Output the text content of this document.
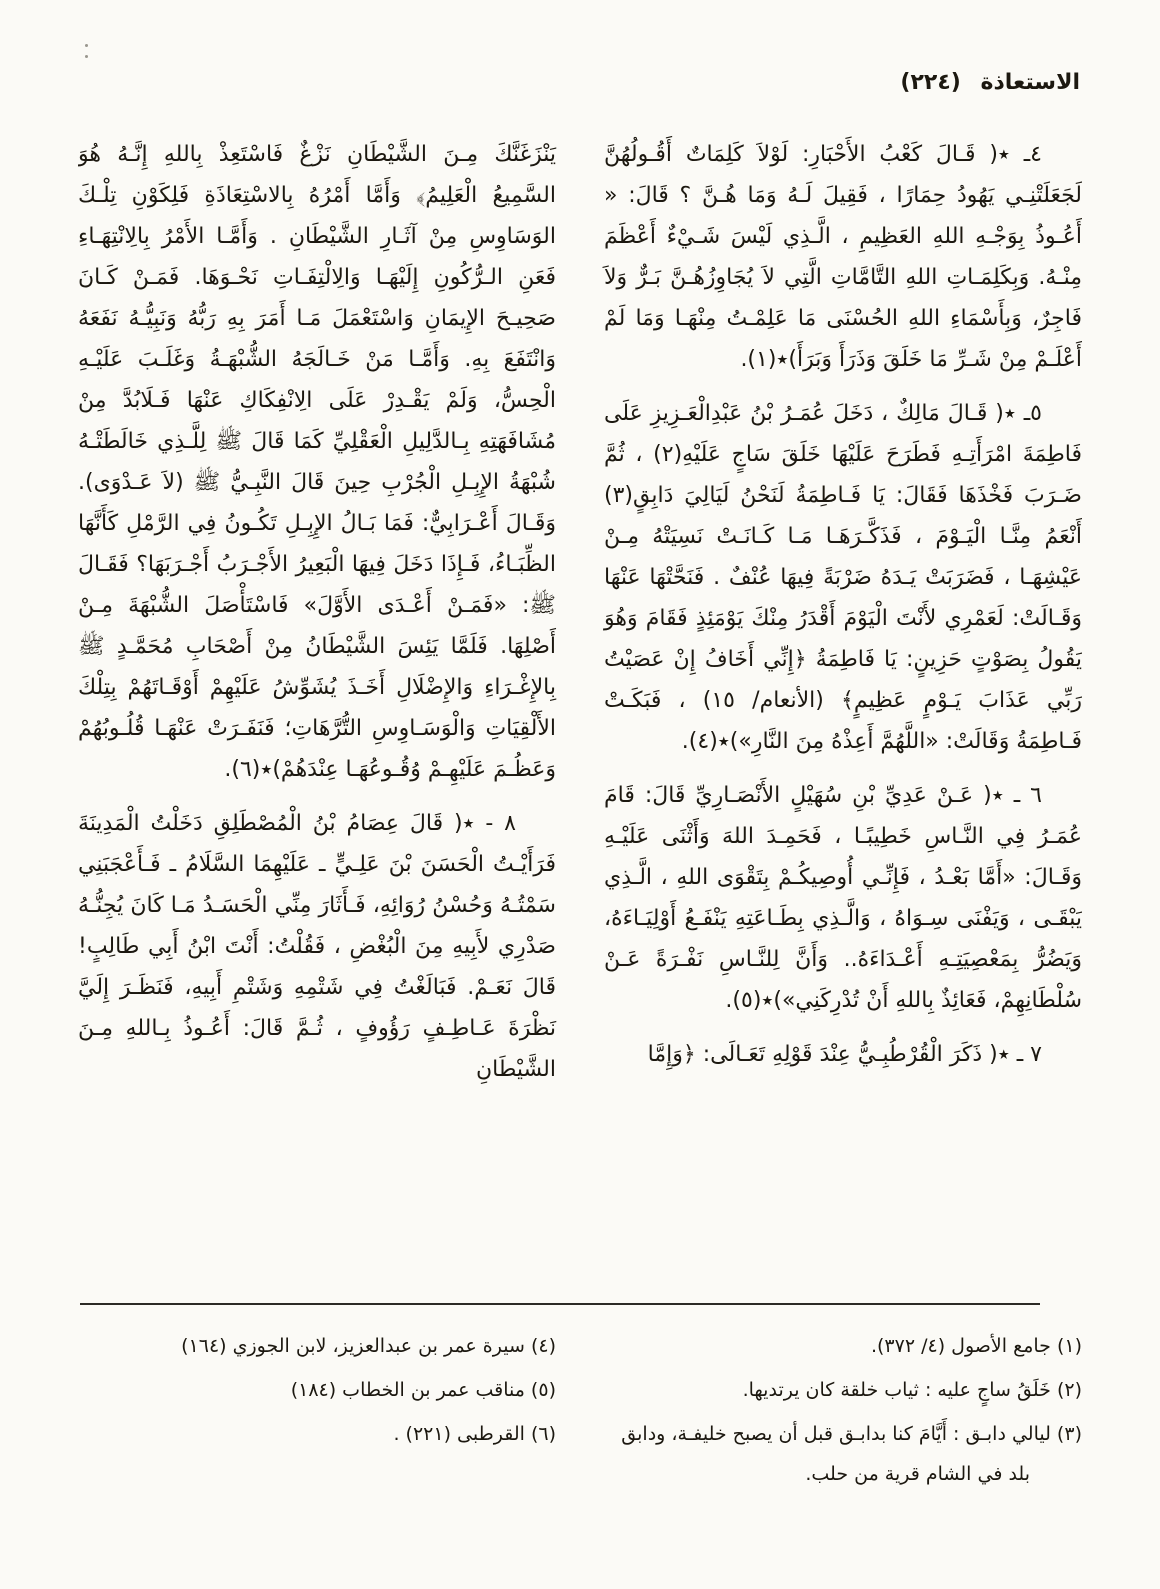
الاستعاذة (٢٢٤)

٤ـ ٭( قَـالَ كَعْبُ الأَحْبَارِ: لَوْلاَ كَلِمَاتٌ أَقُـولُهُنَّ لَجَعَلَتْنِـي يَهُودُ حِمَارًا ، فَقِيلَ لَـهُ وَمَا هُـنَّ ؟ قَالَ: « أَعُـوذُ بِوَجْـهِ اللهِ العَظِيمِ ، الَّـذِي لَيْسَ شَـيْءٌ أَعْظَمَ مِنْـهُ. وَبِكَلِمَـاتِ اللهِ التَّامَّاتِ الَّتِي لاَ يُجَاوِزُهُـنَّ بَـرٌّ وَلاَ فَاجِرٌ، وَبِأَسْمَاءِ اللهِ الحُسْنَى مَا عَلِمْـتُ مِنْهَـا وَمَا لَمْ أَعْلَـمْ مِنْ شَـرِّ مَا خَلَقَ وَذَرَأَ وَبَرَأَ)٭(١).

٥ـ ٭( قَـالَ مَالِكٌ ، دَخَلَ عُمَـرُ بْنُ عَبْدِالْعَـزِيزِ عَلَى فَاطِمَةَ امْرَأَتِـهِ فَطَرَحَ عَلَيْهَا خَلَقَ سَاجٍ عَلَيْهِ(٢) ، ثُمَّ ضَـرَبَ فَخْذَهَا فَقَالَ: يَا فَـاطِمَةُ لَنَحْنُ لَيَالِيَ دَابِقٍ(٣) أَنْعَمُ مِنَّـا الْيَـوْمَ ، فَذَكَّـرَهَـا مَـا كَـانَـتْ نَسِيَتْهُ مِـنْ عَيْشِهَـا ، فَضَرَبَتْ يَـدَهُ ضَرْبَةً فِيهَا عُنْفٌ . فَنَحَّتْهَا عَنْهَا وَقَـالَتْ: لَعَمْرِي لأَنْتَ الْيَوْمَ أَقْدَرُ مِنْكَ يَوْمَئِذٍ فَقَامَ وَهُوَ يَقُولُ بِصَوْتٍ حَزِينٍ: يَا فَاطِمَةُ ﴿إِنِّي أَخَافُ إِنْ عَصَيْتُ رَبِّي عَذَابَ يَـوْمٍ عَظِيمٍ﴾ (الأنعام/ ١٥) ، فَبَكَـتْ فَـاطِمَةُ وَقَالَتْ: «اللَّهُمَّ أَعِذْهُ مِنَ النَّارِ»)٭(٤).

٦ ـ ٭( عَـنْ عَدِيِّ بْنِ سُهَيْلٍ الأَنْصَـارِيِّ قَالَ: قَامَ عُمَـرُ فِي النَّـاسِ خَطِيبًـا ، فَحَمِـدَ اللهَ وَأَثْنَى عَلَيْـهِ وَقَـالَ: «أَمَّا بَعْـدُ ، فَإِنِّـي أُوصِيكُـمْ بِتَقْوَى اللهِ ، الَّـذِي يَبْقَـى ، وَيَفْنَى سِـوَاهُ ، وَالَّـذِي بِطَـاعَتِهِ يَنْفَـعُ أَوْلِيَـاءَهُ، وَيَضُرُّ بِمَعْصِيَتِـهِ أَعْـدَاءَهُ.. وَأَنَّ لِلنَّـاسِ نَفْـرَةً عَـنْ سُلْطَانِهِمْ، فَعَائِذٌ بِاللهِ أَنْ تُدْرِكَنِي»)٭(٥).

٧ ـ ٭( ذَكَرَ الْقُرْطُبِـيُّ عِنْدَ قَوْلِهِ تَعَـالَى: ﴿وَإِمَّا

يَنْزَغَنَّكَ مِـنَ الشَّيْطَانِ نَزْغٌ فَاسْتَعِذْ بِاللهِ إِنَّـهُ هُوَ السَّمِيعُ الْعَلِيمُ﴾ وَأَمَّا أَمْرُهُ بِالاسْتِعَاذَةِ فَلِكَوْنِ تِلْـكَ الوَسَاوِسِ مِنْ آثَـارِ الشَّيْطَانِ . وَأَمَّـا الأَمْرُ بِالِانْتِهَـاءِ فَعَنِ الـرُّكُونِ إِلَيْهَـا وَالِالْتِفَـاتِ نَحْـوَهَا. فَمَـنْ كَـانَ صَحِيـحَ الإِيمَانِ وَاسْتَعْمَلَ مَـا أَمَرَ بِهِ رَبُّهُ وَنَبِيُّـهُ نَفَعَهُ وَانْتَفَعَ بِهِ. وَأَمَّـا مَنْ خَـالَجَهُ الشُّبْهَـةُ وَغَلَـبَ عَلَيْـهِ الْحِسُّ، وَلَمْ يَقْـدِرْ عَلَى الِانْفِكَاكِ عَنْهَا فَـلَابُدَّ مِنْ مُشَافَهَتِهِ بِـالدَّلِيلِ الْعَقْلِيِّ كَمَا قَالَ ﷺ لِلَّـذِي خَالَطَتْـهُ شُبْهَةُ الإِبِـلِ الْجُرْبِ حِينَ قَالَ النَّبِـيُّ ﷺ (لاَ عَـدْوَى). وَقَـالَ أَعْـرَابِيٌّ: فَمَا بَـالُ الإِبِـلِ تَكُـونُ فِي الرَّمْلِ كَأَنَّهَا الظِّبَـاءُ، فَـإِذَا دَخَلَ فِيهَا الْبَعِيرُ الأَجْـرَبُ أَجْـرَبَهَا؟ فَقَـالَ ﷺ: «فَمَـنْ أَعْـدَى الأَوَّلَ» فَاسْتَأْصَلَ الشُّبْهَةَ مِـنْ أَصْلِهَا. فَلَمَّا يَئِسَ الشَّيْطَانُ مِنْ أَصْحَابِ مُحَمَّـدٍ ﷺ بِالإِغْـرَاءِ وَالإِضْلَالِ أَخَـذَ يُشَوِّشُ عَلَيْهِمْ أَوْقَـاتَهُمْ بِتِلْكَ الأَلْقِيَاتِ وَالْوَسَـاوِسِ التُّرَّهَاتِ؛ فَنَفَـرَتْ عَنْهَـا قُلُـوبُهُمْ وَعَظُـمَ عَلَيْهِـمْ وُقُـوعُهَـا عِنْدَهُمْ)٭(٦).

٨ - ٭( قَالَ عِصَامُ بْنُ الْمُصْطَلِقِ دَخَلْتُ الْمَدِينَةَ فَرَأَيْـتُ الْحَسَنَ بْنَ عَلِـيٍّ ـ عَلَيْهِمَا السَّلَامُ ـ فَـأَعْجَبَنِي سَمْتُـهُ وَحُسْنُ رُوَائِهِ، فَـأَثَارَ مِنِّي الْحَسَـدُ مَـا كَانَ يُجِنُّـهُ صَدْرِي لأَبِيهِ مِنَ الْبُغْضِ ، فَقُلْتُ: أَنْتَ ابْنُ أَبِي طَالِبٍ! قَالَ نَعَـمْ. فَبَالَغْتُ فِي شَتْمِهِ وَشَتْمِ أَبِيهِ، فَنَظَـرَ إِلَيَّ نَظْرَةَ عَـاطِـفٍ رَؤُوفٍ ، ثُـمَّ قَالَ: أَعُـوذُ بِـاللهِ مِـنَ الشَّيْطَانِ

(١) جامع الأصول (٤/ ٣٧٢).

(٢) خَلَقُ ساجٍ عليه : ثياب خلقة كان يرتديها.

(٣) ليالي دابـق : أَيَّامَ كنا بدابـق قبل أن يصبح خليفـة، ودابق بلد في الشام قرية من حلب.

(٤) سيرة عمر بن عبدالعزيز، لابن الجوزي (١٦٤)

(٥) مناقب عمر بن الخطاب (١٨٤)

(٦) القرطبى (٢٢١) .
